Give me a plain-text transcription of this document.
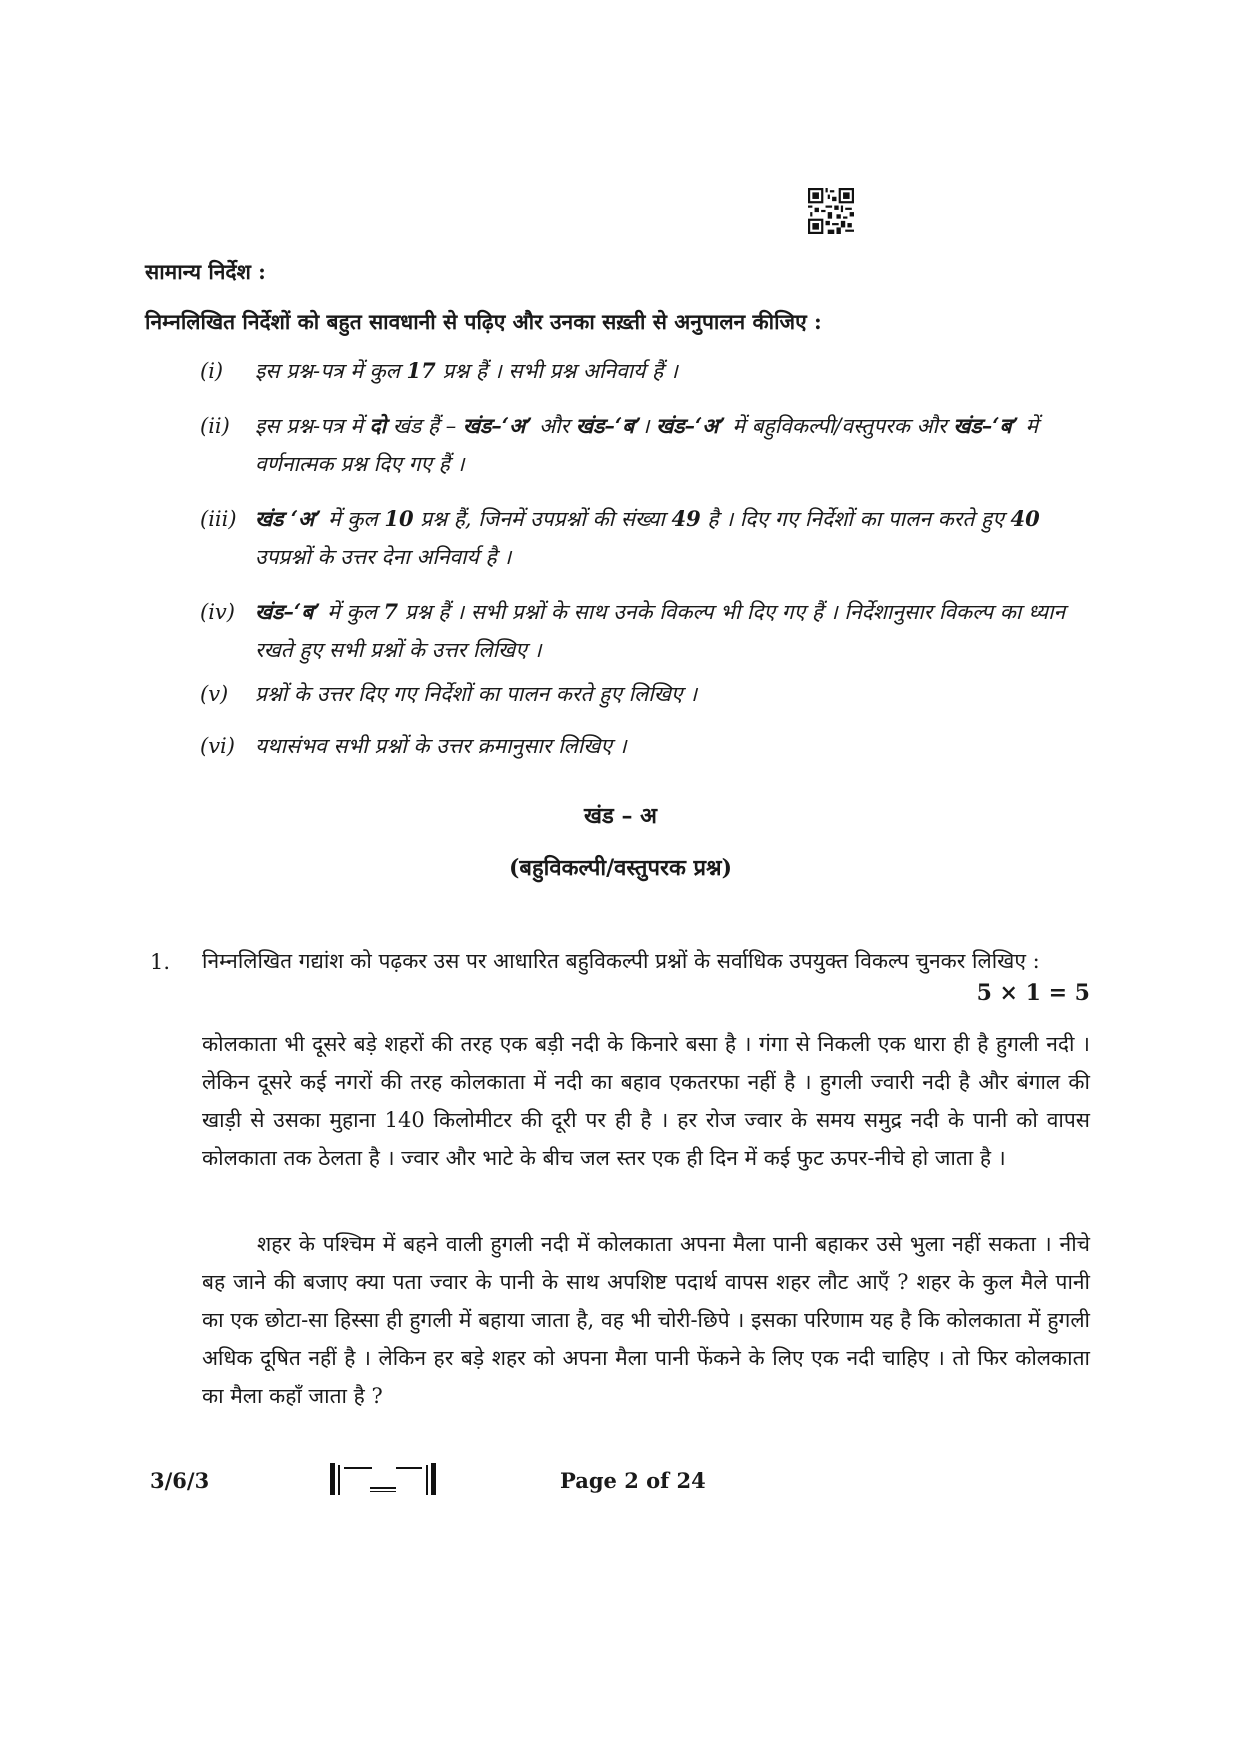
सामान्य निर्देश :
निम्नलिखित निर्देशों को बहुत सावधानी से पढ़िए और उनका सख़्ती से अनुपालन कीजिए :
(i) इस प्रश्न-पत्र में कुल 17 प्रश्न हैं । सभी प्रश्न अनिवार्य हैं ।
(ii) इस प्रश्न-पत्र में दो खंड हैं – खंड–‘अ’ और खंड–‘ब’। खंड–‘अ’ में बहुविकल्पी/वस्तुपरक और खंड–‘ब’ में वर्णनात्मक प्रश्न दिए गए हैं ।
(iii) खंड ‘अ’ में कुल 10 प्रश्न हैं, जिनमें उपप्रश्नों की संख्या 49 है । दिए गए निर्देशों का पालन करते हुए 40 उपप्रश्नों के उत्तर देना अनिवार्य है ।
(iv) खंड–‘ब’ में कुल 7 प्रश्न हैं । सभी प्रश्नों के साथ उनके विकल्प भी दिए गए हैं । निर्देशानुसार विकल्प का ध्यान रखते हुए सभी प्रश्नों के उत्तर लिखिए ।
(v) प्रश्नों के उत्तर दिए गए निर्देशों का पालन करते हुए लिखिए ।
(vi) यथासंभव सभी प्रश्नों के उत्तर क्रमानुसार लिखिए ।
खंड – अ
(बहुविकल्पी/वस्तुपरक प्रश्न)
1. निम्नलिखित गद्यांश को पढ़कर उस पर आधारित बहुविकल्पी प्रश्नों के सर्वाधिक उपयुक्त विकल्प चुनकर लिखिए :
5 × 1 = 5
कोलकाता भी दूसरे बड़े शहरों की तरह एक बड़ी नदी के किनारे बसा है । गंगा से निकली एक धारा ही है हुगली नदी । लेकिन दूसरे कई नगरों की तरह कोलकाता में नदी का बहाव एकतरफा नहीं है । हुगली ज्वारी नदी है और बंगाल की खाड़ी से उसका मुहाना 140 किलोमीटर की दूरी पर ही है । हर रोज ज्वार के समय समुद्र नदी के पानी को वापस कोलकाता तक ठेलता है । ज्वार और भाटे के बीच जल स्तर एक ही दिन में कई फुट ऊपर-नीचे हो जाता है ।
शहर के पश्चिम में बहने वाली हुगली नदी में कोलकाता अपना मैला पानी बहाकर उसे भुला नहीं सकता । नीचे बह जाने की बजाए क्या पता ज्वार के पानी के साथ अपशिष्ट पदार्थ वापस शहर लौट आएँ ? शहर के कुल मैले पानी का एक छोटा-सा हिस्सा ही हुगली में बहाया जाता है, वह भी चोरी-छिपे । इसका परिणाम यह है कि कोलकाता में हुगली अधिक दूषित नहीं है । लेकिन हर बड़े शहर को अपना मैला पानी फेंकने के लिए एक नदी चाहिए । तो फिर कोलकाता का मैला कहाँ जाता है ?
3/6/3	Page 2 of 24
